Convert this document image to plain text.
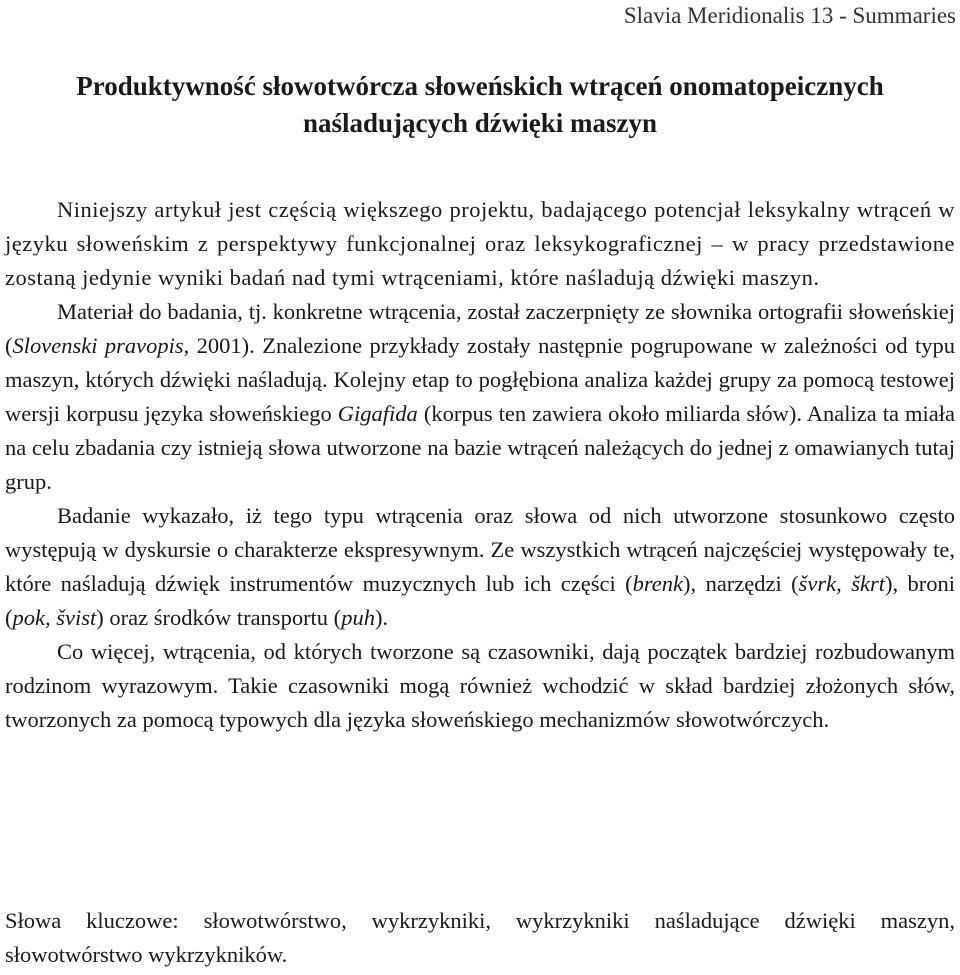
Slavia Meridionalis 13 - Summaries
Produktywność słowotwórcza słoweńskich wtrąceń onomatopeicznych
naśladujących dźwięki maszyn

Niniejszy artykuł jest częścią większego projektu, badającego potencjał leksykalny wtrąceń w języku słoweńskim z perspektywy funkcjonalnej oraz leksykograficznej – w pracy przedstawione zostaną jedynie wyniki badań nad tymi wtrąceniami, które naśladują dźwięki maszyn.

Materiał do badania, tj. konkretne wtrącenia, został zaczerpnięty ze słownika ortografii słoweńskiej (Slovenski pravopis, 2001). Znalezione przykłady zostały następnie pogrupowane w zależności od typu maszyn, których dźwięki naśladują. Kolejny etap to pogłębiona analiza każdej grupy za pomocą testowej wersji korpusu języka słoweńskiego Gigafida (korpus ten zawiera około miliarda słów). Analiza ta miała na celu zbadania czy istnieją słowa utworzone na bazie wtrąceń należących do jednej z omawianych tutaj grup.

Badanie wykazało, iż tego typu wtrącenia oraz słowa od nich utworzone stosunkowo często występują w dyskursie o charakterze ekspresywnym. Ze wszystkich wtrąceń najczęściej występowały te, które naśladują dźwięk instrumentów muzycznych lub ich części (brenk), narzędzi (švrk, škrt), broni (pok, švist) oraz środków transportu (puh).

Co więcej, wtrącenia, od których tworzone są czasowniki, dają początek bardziej rozbudowanym rodzinom wyrazowym. Takie czasowniki mogą również wchodzić w skład bardziej złożonych słów, tworzonych za pomocą typowych dla języka słoweńskiego mechanizmów słowotwórczych.

Słowa kluczowe: słowotwórstwo, wykrzykniki, wykrzykniki naśladujące dźwięki maszyn, słowotwórstwo wykrzykników.
